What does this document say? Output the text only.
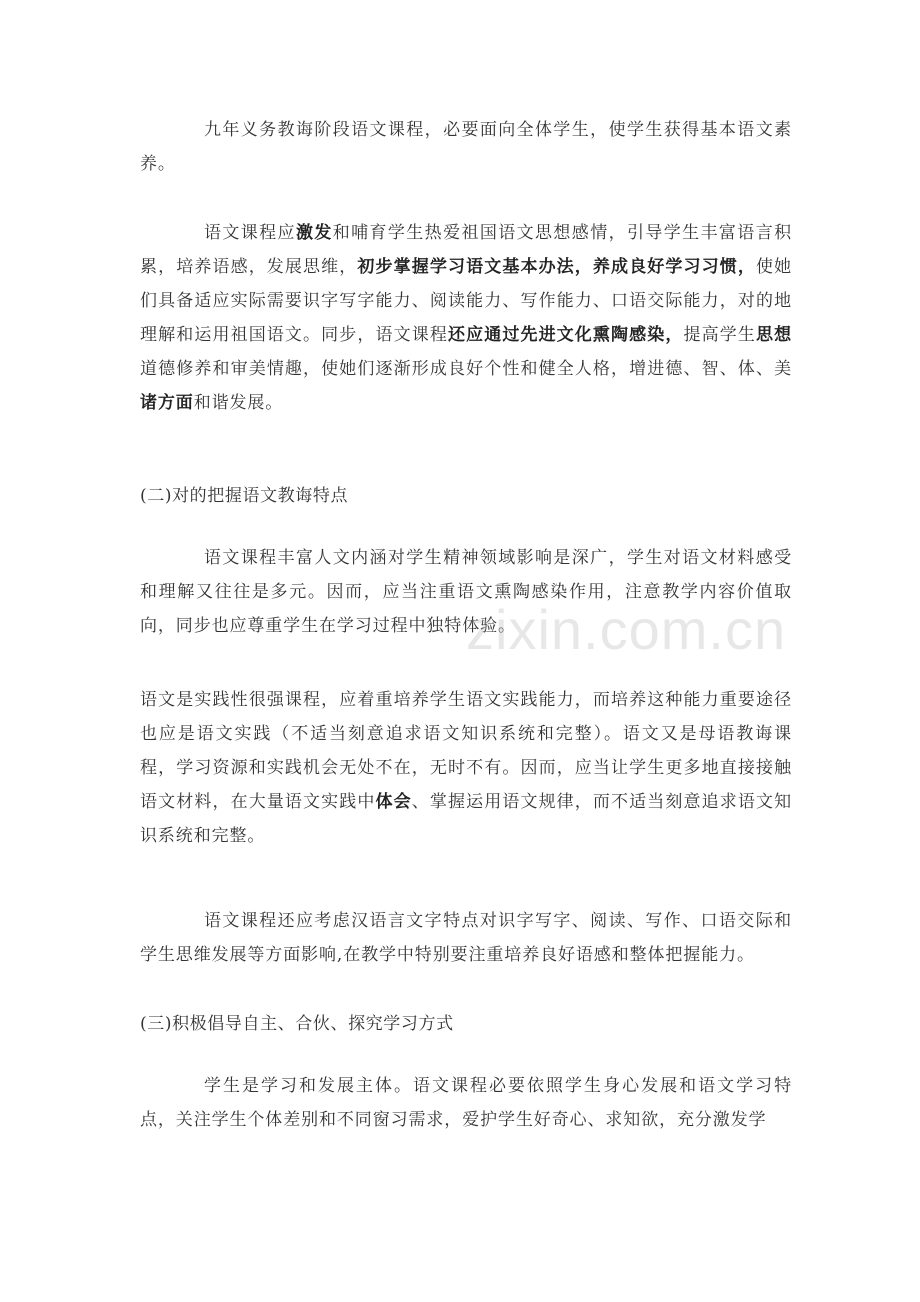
九年义务教诲阶段语文课程，必要面向全体学生，使学生获得基本语文素养。

语文课程应激发和哺育学生热爱祖国语文思想感情，引导学生丰富语言积累，培养语感，发展思维，初步掌握学习语文基本办法，养成良好学习习惯，使她们具备适应实际需要识字写字能力、阅读能力、写作能力、口语交际能力，对的地理解和运用祖国语文。同步，语文课程还应通过先进文化熏陶感染，提高学生思想道德修养和审美情趣，使她们逐渐形成良好个性和健全人格，增进德、智、体、美诸方面和谐发展。

(二)对的把握语文教诲特点

语文课程丰富人文内涵对学生精神领域影响是深广，学生对语文材料感受和理解又往往是多元。因而，应当注重语文熏陶感染作用，注意教学内容价值取向，同步也应尊重学生在学习过程中独特体验。

语文是实践性很强课程，应着重培养学生语文实践能力，而培养这种能力重要途径也应是语文实践（不适当刻意追求语文知识系统和完整）。语文又是母语教诲课程，学习资源和实践机会无处不在，无时不有。因而，应当让学生更多地直接接触语文材料，在大量语文实践中体会、掌握运用语文规律，而不适当刻意追求语文知识系统和完整。

语文课程还应考虑汉语言文字特点对识字写字、阅读、写作、口语交际和学生思维发展等方面影响,在教学中特别要注重培养良好语感和整体把握能力。

(三)积极倡导自主、合伙、探究学习方式

学生是学习和发展主体。语文课程必要依照学生身心发展和语文学习特点，关注学生个体差别和不同窗习需求，爱护学生好奇心、求知欲，充分激发学

zixin.com.cn
